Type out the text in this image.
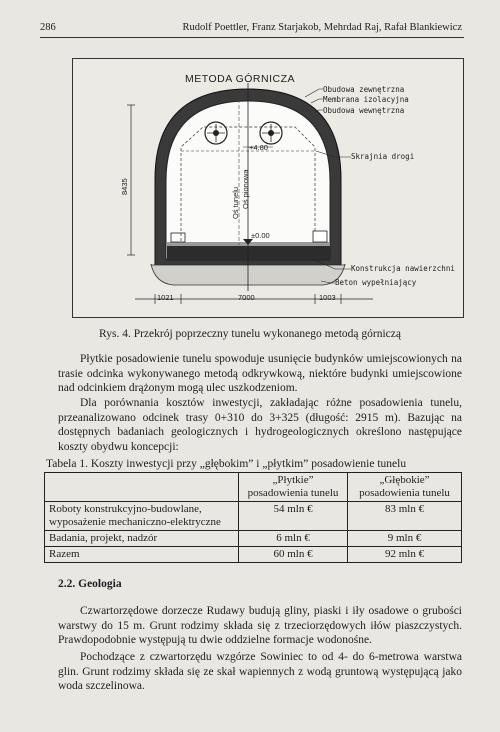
286	Rudolf Poettler, Franz Starjakob, Mehrdad Raj, Rafał Blankiewicz
METODA GÓRNICZA
Obudowa zewnętrzna
Membrana izolacyjna
Obudowa wewnętrzna
Skrajnia drogi
+4.80
±0.00
Oś tunelu Oś pionowa
8435
Konstrukcja nawierzchni
Beton wypełniający
1021	7000	1003
Rys. 4. Przekrój poprzeczny tunelu wykonanego metodą górniczą
Płytkie posadowienie tunelu spowoduje usunięcie budynków umiejscowionych na trasie odcinka wykonywanego metodą odkrywkową, niektóre budynki umiejscowione nad odcinkiem drążonym mogą ulec uszkodzeniom.
Dla porównania kosztów inwestycji, zakładając różne posadowienia tunelu, przeanalizowano odcinek trasy 0+310 do 3+325 (długość: 2915 m). Bazując na dostępnych badaniach geologicznych i hydrogeologicznych określono następujące koszty obydwu koncepcji:
Tabela 1. Koszty inwestycji przy „głębokim” i „płytkim” posadowienie tunelu
	„Płytkie” posadowienia tunelu	„Głębokie” posadowienia tunelu
Roboty konstrukcyjno-budowlane, wyposażenie mechaniczno-elektryczne	54 mln €	83 mln €
Badania, projekt, nadzór	6 mln €	9 mln €
Razem	60 mln €	92 mln €
2.2. Geologia
Czwartorzędowe dorzecze Rudawy budują gliny, piaski i iły osadowe o grubości warstwy do 15 m. Grunt rodzimy składa się z trzeciorzędowych iłów piaszczystych. Prawdopodobnie występują tu dwie oddzielne formacje wodonośne.
Pochodzące z czwartorzędu wzgórze Sowiniec to od 4- do 6-metrowa warstwa glin. Grunt rodzimy składa się ze skał wapiennych z wodą gruntową występującą jako woda szczelinowa.
